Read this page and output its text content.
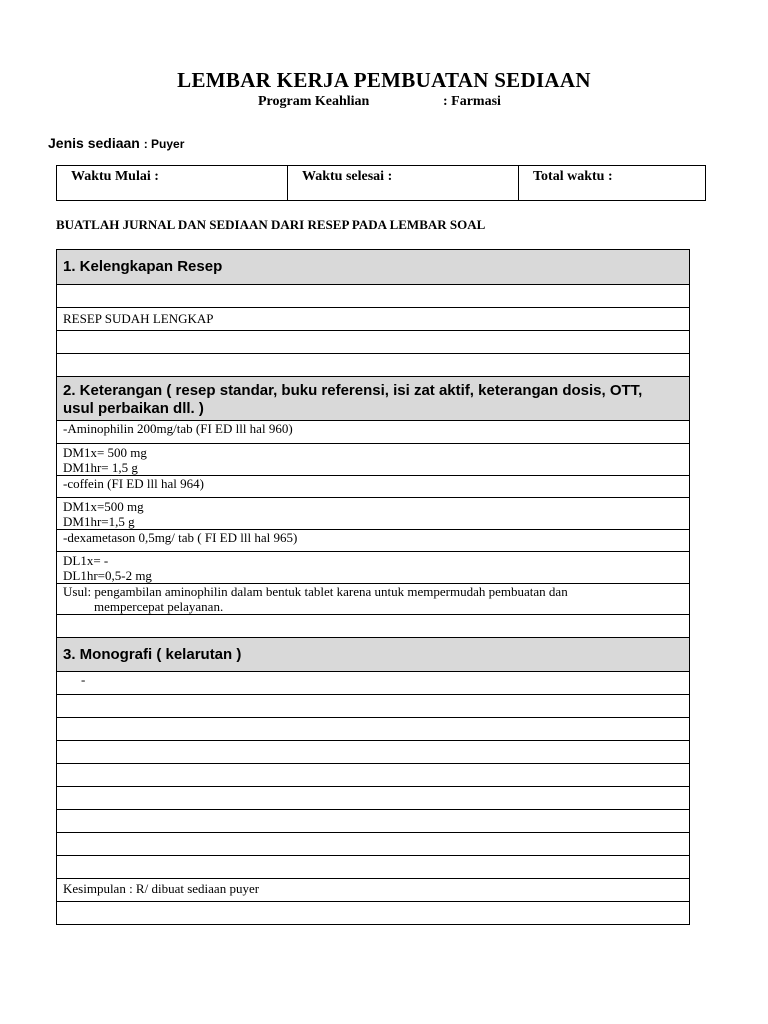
LEMBAR KERJA PEMBUATAN SEDIAAN
Program Keahlian	: Farmasi
Jenis sediaan : Puyer
Waktu Mulai :	Waktu selesai :	Total waktu :
BUATLAH JURNAL DAN SEDIAAN DARI RESEP PADA LEMBAR SOAL
1. Kelengkapan Resep
RESEP SUDAH LENGKAP
2. Keterangan ( resep standar, buku referensi, isi zat aktif, keterangan dosis, OTT,
usul perbaikan dll. )
-Aminophilin 200mg/tab (FI ED lll hal 960)
DM1x= 500 mg
DM1hr= 1,5 g
-coffein (FI ED lll hal 964)
DM1x=500 mg
DM1hr=1,5 g
-dexametason 0,5mg/ tab ( FI ED lll hal 965)
DL1x= -
DL1hr=0,5-2 mg
Usul: pengambilan aminophilin dalam bentuk tablet karena untuk mempermudah pembuatan dan
mempercepat pelayanan.
3. Monografi ( kelarutan )
-
Kesimpulan : R/ dibuat sediaan puyer
